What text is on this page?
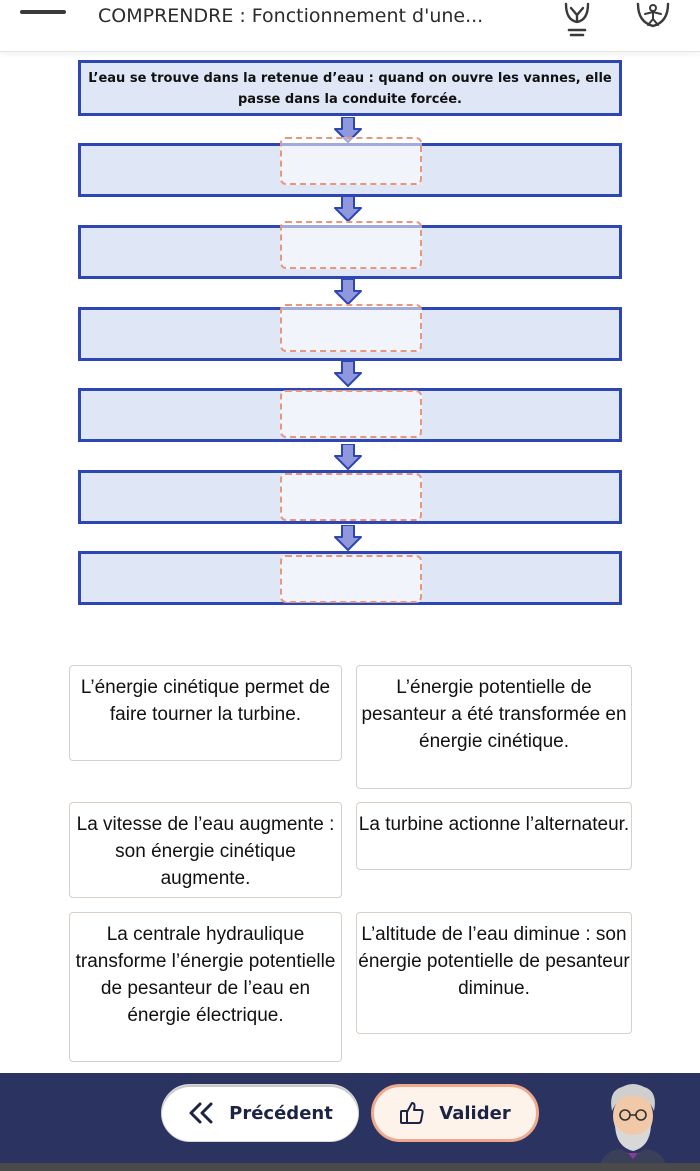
COMPRENDRE : Fonctionnement d'une...
L’eau se trouve dans la retenue d’eau : quand on ouvre les vannes, elle passe dans la conduite forcée.
L’énergie cinétique permet de faire tourner la turbine.
L’énergie potentielle de pesanteur a été transformée en énergie cinétique.
La vitesse de l’eau augmente : son énergie cinétique augmente.
La turbine actionne l’alternateur.
La centrale hydraulique transforme l’énergie potentielle de pesanteur de l’eau en énergie électrique.
L’altitude de l’eau diminue : son énergie potentielle de pesanteur diminue.
Précédent	Valider
